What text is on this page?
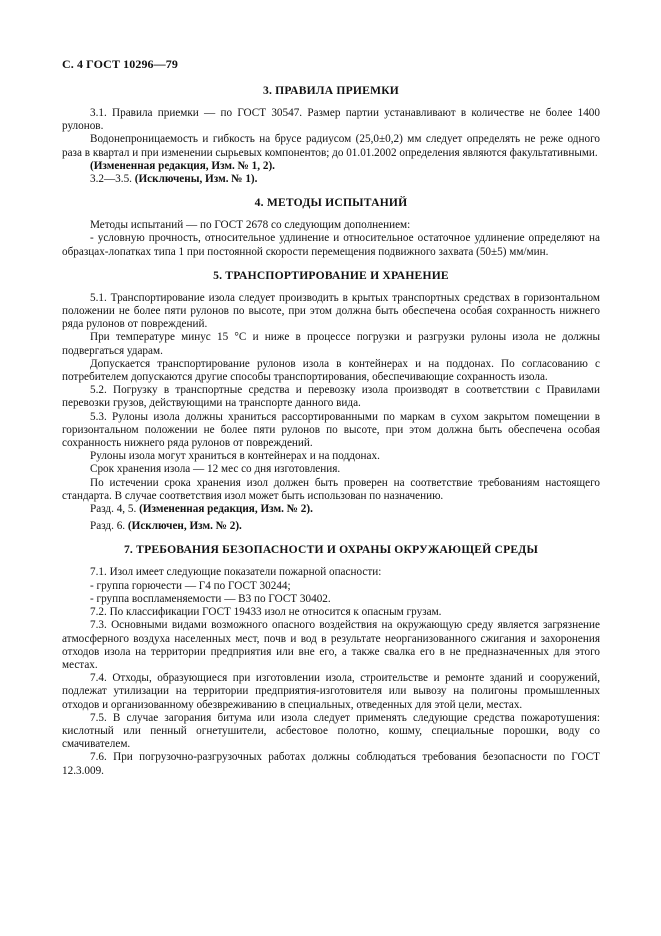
С. 4 ГОСТ 10296—79
3. ПРАВИЛА ПРИЕМКИ

3.1. Правила приемки — по ГОСТ 30547. Размер партии устанавливают в количестве не более 1400 рулонов.

Водонепроницаемость и гибкость на брусе радиусом (25,0±0,2) мм следует определять не реже одного раза в квартал и при изменении сырьевых компонентов; до 01.01.2002 определения являются факультативными.

(Измененная редакция, Изм. № 1, 2).

3.2—3.5. (Исключены, Изм. № 1).

4. МЕТОДЫ ИСПЫТАНИЙ

Методы испытаний — по ГОСТ 2678 со следующим дополнением:

- условную прочность, относительное удлинение и относительное остаточное удлинение определяют на образцах-лопатках типа 1 при постоянной скорости перемещения подвижного захвата (50±5) мм/мин.

5. ТРАНСПОРТИРОВАНИЕ И ХРАНЕНИЕ

5.1. Транспортирование изола следует производить в крытых транспортных средствах в горизонтальном положении не более пяти рулонов по высоте, при этом должна быть обеспечена особая сохранность нижнего ряда рулонов от повреждений.

При температуре минус 15 °С и ниже в процессе погрузки и разгрузки рулоны изола не должны подвергаться ударам.

Допускается транспортирование рулонов изола в контейнерах и на поддонах. По согласованию с потребителем допускаются другие способы транспортирования, обеспечивающие сохранность изола.

5.2. Погрузку в транспортные средства и перевозку изола производят в соответствии с Правилами перевозки грузов, действующими на транспорте данного вида.

5.3. Рулоны изола должны храниться рассортированными по маркам в сухом закрытом помещении в горизонтальном положении не более пяти рулонов по высоте, при этом должна быть обеспечена особая сохранность нижнего ряда рулонов от повреждений.

Рулоны изола могут храниться в контейнерах и на поддонах.

Срок хранения изола — 12 мес со дня изготовления.

По истечении срока хранения изол должен быть проверен на соответствие требованиям настоящего стандарта. В случае соответствия изол может быть использован по назначению.

Разд. 4, 5. (Измененная редакция, Изм. № 2).

Разд. 6. (Исключен, Изм. № 2).

7. ТРЕБОВАНИЯ БЕЗОПАСНОСТИ И ОХРАНЫ ОКРУЖАЮЩЕЙ СРЕДЫ

7.1. Изол имеет следующие показатели пожарной опасности:

- группа горючести — Г4 по ГОСТ 30244;

- группа воспламеняемости — В3 по ГОСТ 30402.

7.2. По классификации ГОСТ 19433 изол не относится к опасным грузам.

7.3. Основными видами возможного опасного воздействия на окружающую среду является загрязнение атмосферного воздуха населенных мест, почв и вод в результате неорганизованного сжигания и захоронения отходов изола на территории предприятия или вне его, а также свалка его в не предназначенных для этого местах.

7.4. Отходы, образующиеся при изготовлении изола, строительстве и ремонте зданий и сооружений, подлежат утилизации на территории предприятия-изготовителя или вывозу на полигоны промышленных отходов и организованному обезвреживанию в специальных, отведенных для этой цели, местах.

7.5. В случае загорания битума или изола следует применять следующие средства пожаротушения: кислотный или пенный огнетушители, асбестовое полотно, кошму, специальные порошки, воду со смачивателем.

7.6. При погрузочно-разгрузочных работах должны соблюдаться требования безопасности по ГОСТ 12.3.009.
